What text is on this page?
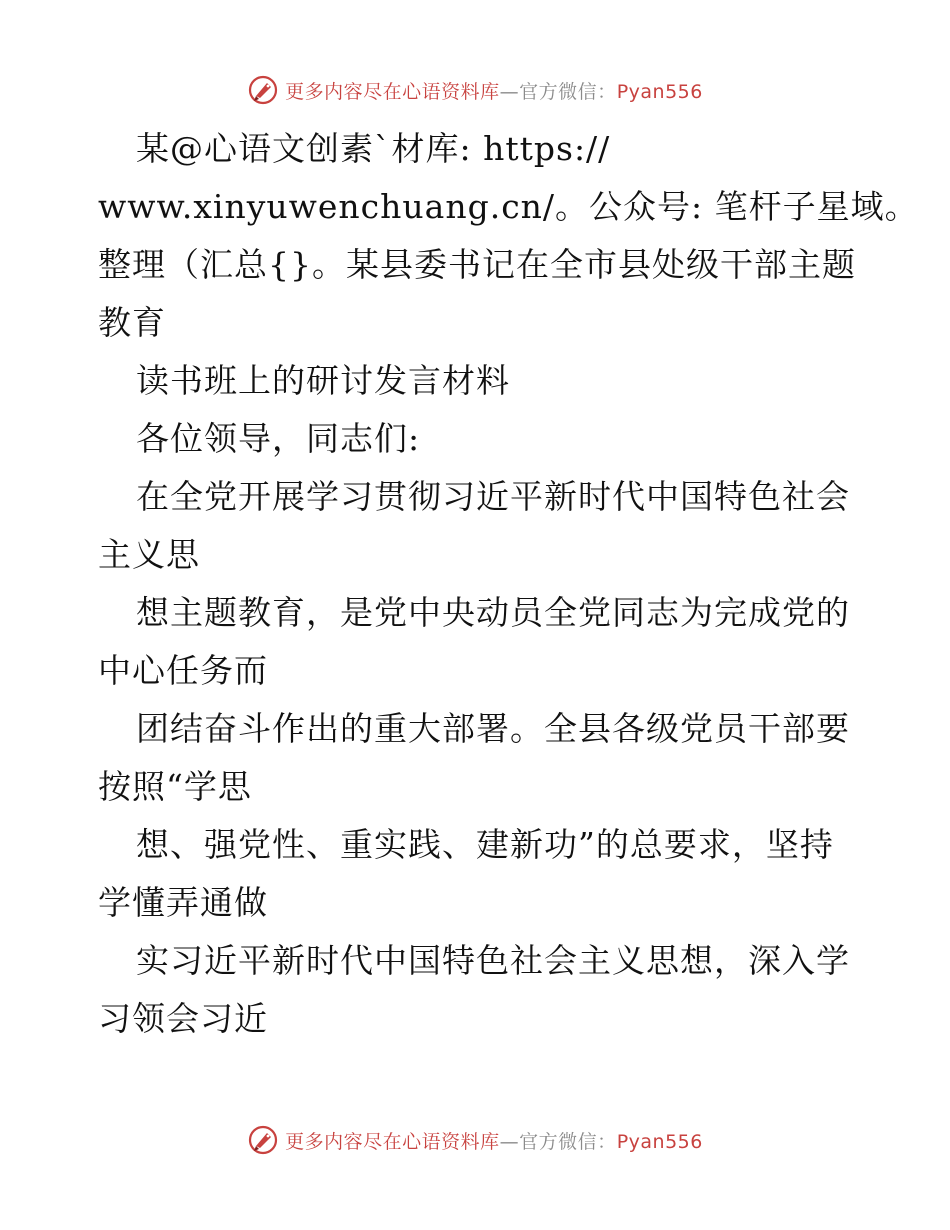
更多内容尽在心语资料库—官方微信：Pyan556
某@心语文创素`材库: https://
www.xinyuwenchuang.cn/。公众号: 笔杆子星域。
整理（汇总{}。某县委书记在全市县处级干部主题
教育
读书班上的研讨发言材料
各位领导，同志们:
在全党开展学习贯彻习近平新时代中国特色社会
主义思
想主题教育，是党中央动员全党同志为完成党的
中心任务而
团结奋斗作出的重大部署。全县各级党员干部要
按照“学思
想、强党性、重实践、建新功”的总要求，坚持
学懂弄通做
实习近平新时代中国特色社会主义思想，深入学
习领会习近
更多内容尽在心语资料库—官方微信：Pyan556
